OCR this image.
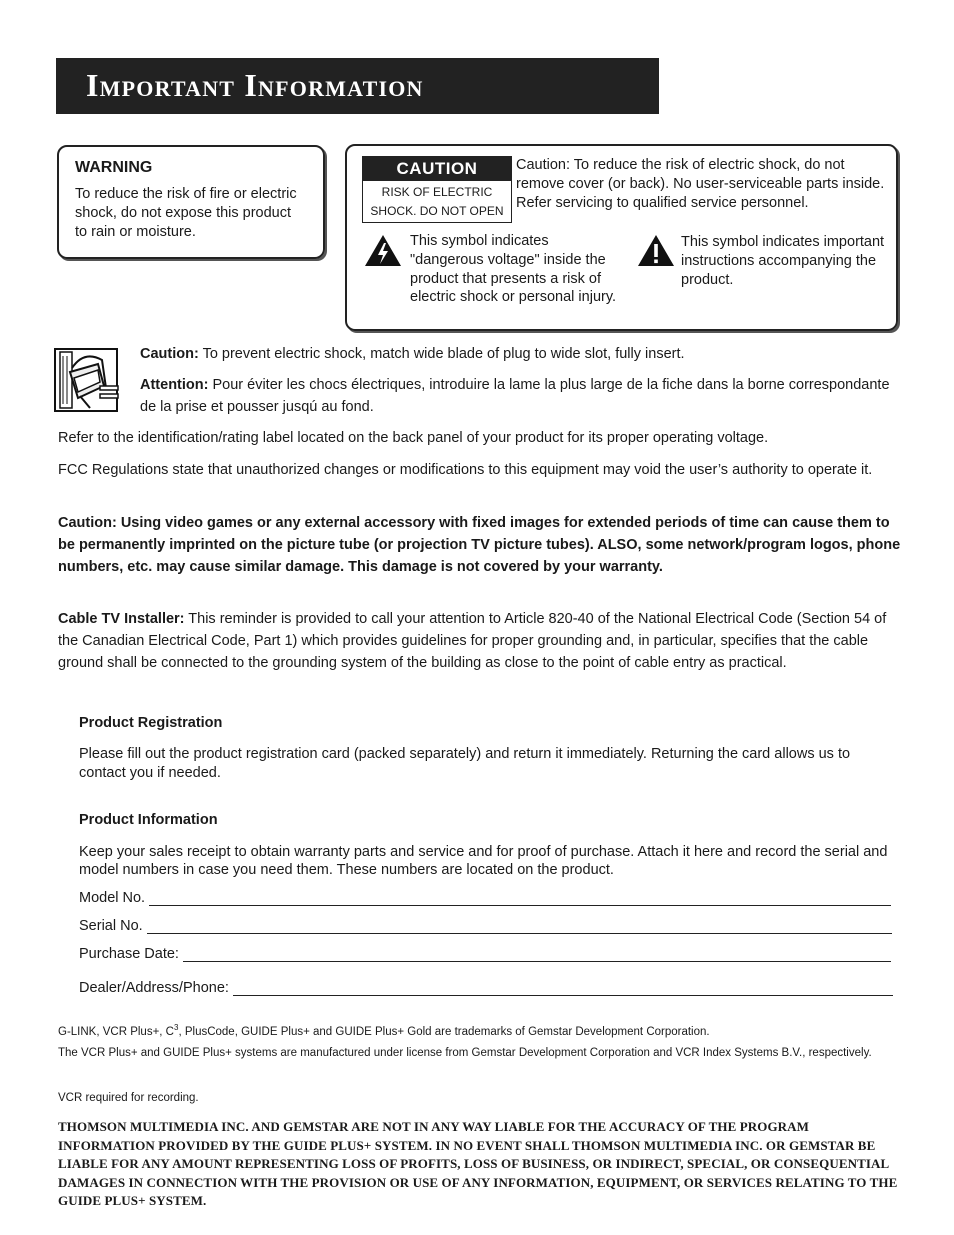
Important Information
WARNING
To reduce the risk of fire or electric shock, do not expose this product to rain or moisture.
CAUTION
RISK OF ELECTRIC
SHOCK. DO NOT OPEN
Caution: To reduce the risk of electric shock, do not remove cover (or back). No user-serviceable parts inside. Refer servicing to qualified service personnel.
This symbol indicates "dangerous voltage" inside the product that presents a risk of electric shock or personal injury.
This symbol indicates important instructions accompanying the product.
Caution: To prevent electric shock, match wide blade of plug to wide slot, fully insert.
Attention: Pour éviter les chocs électriques, introduire la lame la plus large de la fiche dans la borne correspondante de la prise et pousser jusqú au fond.
Refer to the identification/rating label located on the back panel of your product for its proper operating voltage.
FCC Regulations state that unauthorized changes or modifications to this equipment may void the user’s authority to operate it.
Caution: Using video games or any external accessory with fixed images for extended periods of time can cause them to be permanently imprinted on the picture tube (or projection TV picture tubes). ALSO, some network/program logos, phone numbers, etc. may cause similar damage. This damage is not covered by your warranty.
Cable TV Installer: This reminder is provided to call your attention to Article 820-40 of the National Electrical Code (Section 54 of the Canadian Electrical Code, Part 1) which provides guidelines for proper grounding and, in particular, specifies that the cable ground shall be connected to the grounding system of the building as close to the point of cable entry as practical.
Product Registration
Please fill out the product registration card (packed separately) and return it immediately. Returning the card allows us to contact you if needed.
Product Information
Keep your sales receipt to obtain warranty parts and service and for proof of purchase. Attach it here and record the serial and model numbers in case you need them. These numbers are located on the product.
Model No.
Serial No.
Purchase Date:
Dealer/Address/Phone:
G-LINK, VCR Plus+, $C^3$, PlusCode, GUIDE Plus+ and GUIDE Plus+ Gold are trademarks of Gemstar Development Corporation.
The VCR Plus+ and GUIDE Plus+ systems are manufactured under license from Gemstar Development Corporation and VCR Index Systems B.V., respectively.
VCR required for recording.
THOMSON MULTIMEDIA INC. AND GEMSTAR ARE NOT IN ANY WAY LIABLE FOR THE ACCURACY OF THE PROGRAM INFORMATION PROVIDED BY THE GUIDE PLUS+ SYSTEM. IN NO EVENT SHALL THOMSON MULTIMEDIA INC. OR GEMSTAR BE LIABLE FOR ANY AMOUNT REPRESENTING LOSS OF PROFITS, LOSS OF BUSINESS, OR INDIRECT, SPECIAL, OR CONSEQUENTIAL DAMAGES IN CONNECTION WITH THE PROVISION OR USE OF ANY INFORMATION, EQUIPMENT, OR SERVICES RELATING TO THE GUIDE PLUS+ SYSTEM.
